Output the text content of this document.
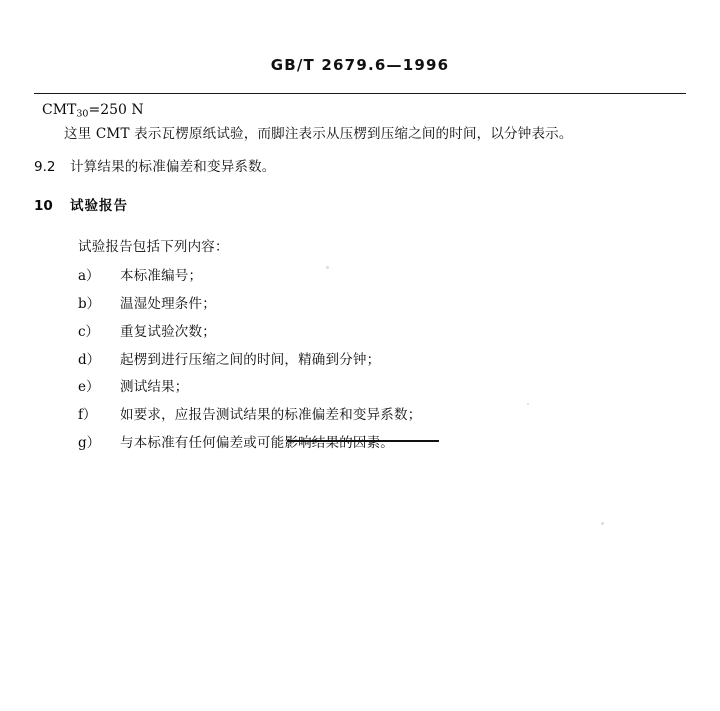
GB/T 2679.6—1996
$CMT_{30}=250$ N
这里 CMT 表示瓦楞原纸试验，而脚注表示从压楞到压缩之间的时间，以分钟表示。
9.2	计算结果的标准偏差和变异系数。
10	试验报告
试验报告包括下列内容：
a）	本标准编号；
b）	温湿处理条件；
c）	重复试验次数；
d）	起楞到进行压缩之间的时间，精确到分钟；
e）	测试结果；
f）	如要求，应报告测试结果的标准偏差和变异系数；
g）	与本标准有任何偏差或可能影响结果的因素。
